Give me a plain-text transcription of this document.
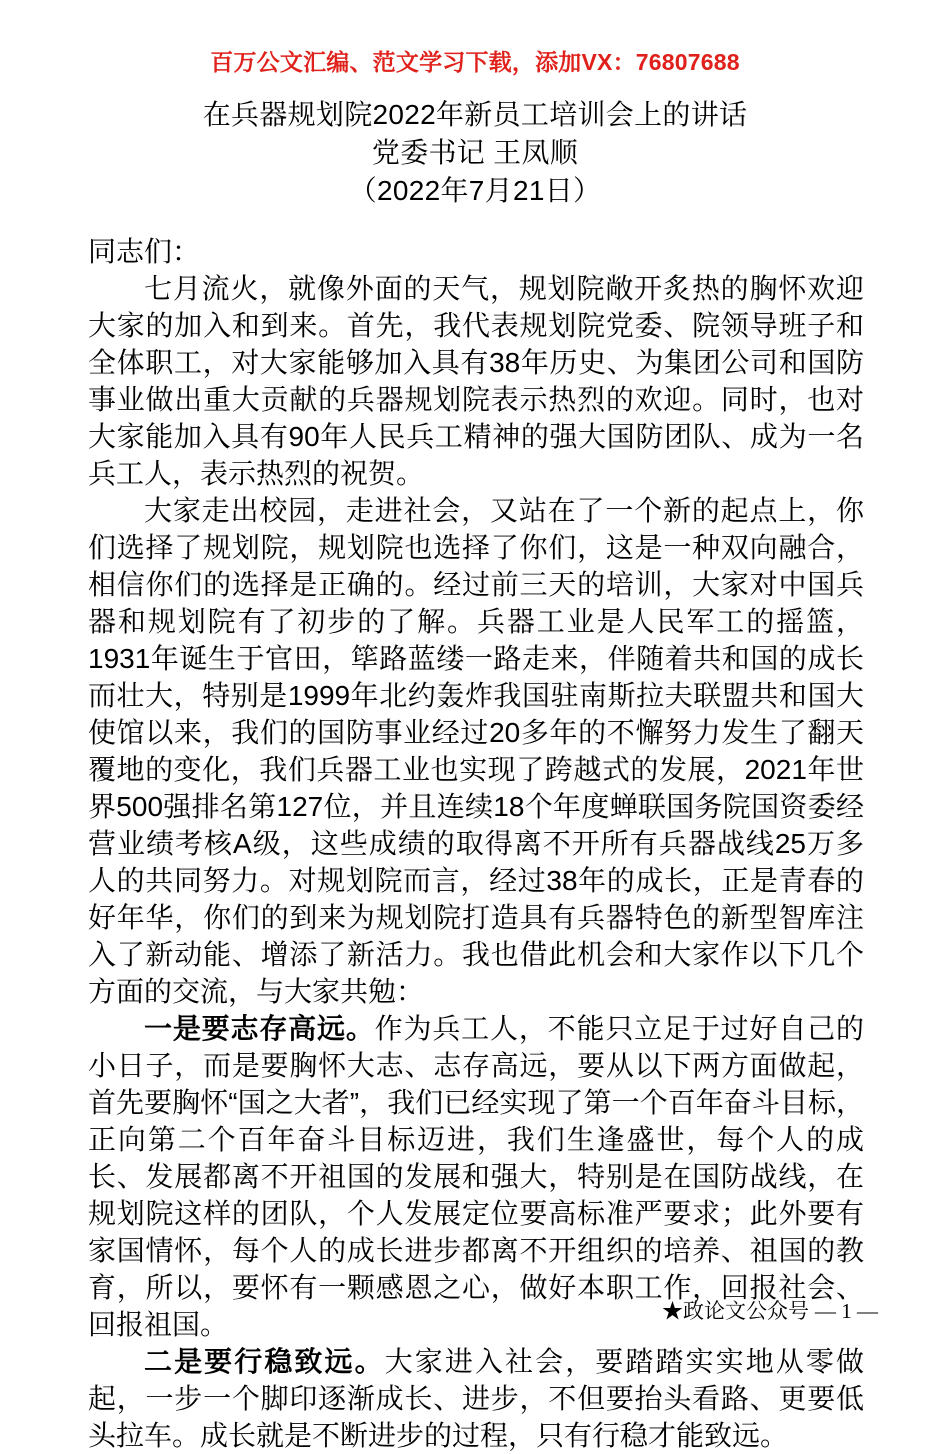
百万公文汇编、范文学习下载，添加VX：76807688
在兵器规划院2022年新员工培训会上的讲话
党委书记 王凤顺
（2022年7月21日）

同志们：

七月流火，就像外面的天气，规划院敞开炙热的胸怀欢迎大家的加入和到来。首先，我代表规划院党委、院领导班子和全体职工，对大家能够加入具有38年历史、为集团公司和国防事业做出重大贡献的兵器规划院表示热烈的欢迎。同时，也对大家能加入具有90年人民兵工精神的强大国防团队、成为一名兵工人，表示热烈的祝贺。

大家走出校园，走进社会，又站在了一个新的起点上，你们选择了规划院，规划院也选择了你们，这是一种双向融合，相信你们的选择是正确的。经过前三天的培训，大家对中国兵器和规划院有了初步的了解。兵器工业是人民军工的摇篮，1931年诞生于官田，筚路蓝缕一路走来，伴随着共和国的成长而壮大，特别是1999年北约轰炸我国驻南斯拉夫联盟共和国大使馆以来，我们的国防事业经过20多年的不懈努力发生了翻天覆地的变化，我们兵器工业也实现了跨越式的发展，2021年世界500强排名第127位，并且连续18个年度蝉联国务院国资委经营业绩考核A级，这些成绩的取得离不开所有兵器战线25万多人的共同努力。对规划院而言，经过38年的成长，正是青春的好年华，你们的到来为规划院打造具有兵器特色的新型智库注入了新动能、增添了新活力。我也借此机会和大家作以下几个方面的交流，与大家共勉：

一是要志存高远。作为兵工人，不能只立足于过好自己的小日子，而是要胸怀大志、志存高远，要从以下两方面做起，首先要胸怀“国之大者”，我们已经实现了第一个百年奋斗目标，正向第二个百年奋斗目标迈进，我们生逢盛世，每个人的成长、发展都离不开祖国的发展和强大，特别是在国防战线，在规划院这样的团队，个人发展定位要高标准严要求；此外要有家国情怀，每个人的成长进步都离不开组织的培养、祖国的教育，所以，要怀有一颗感恩之心，做好本职工作，回报社会、回报祖国。

二是要行稳致远。大家进入社会，要踏踏实实地从零做起，一步一个脚印逐渐成长、进步，不但要抬头看路、更要低头拉车。成长就是不断进步的过程，只有行稳才能致远。

★政论文公众号 — 1 —
